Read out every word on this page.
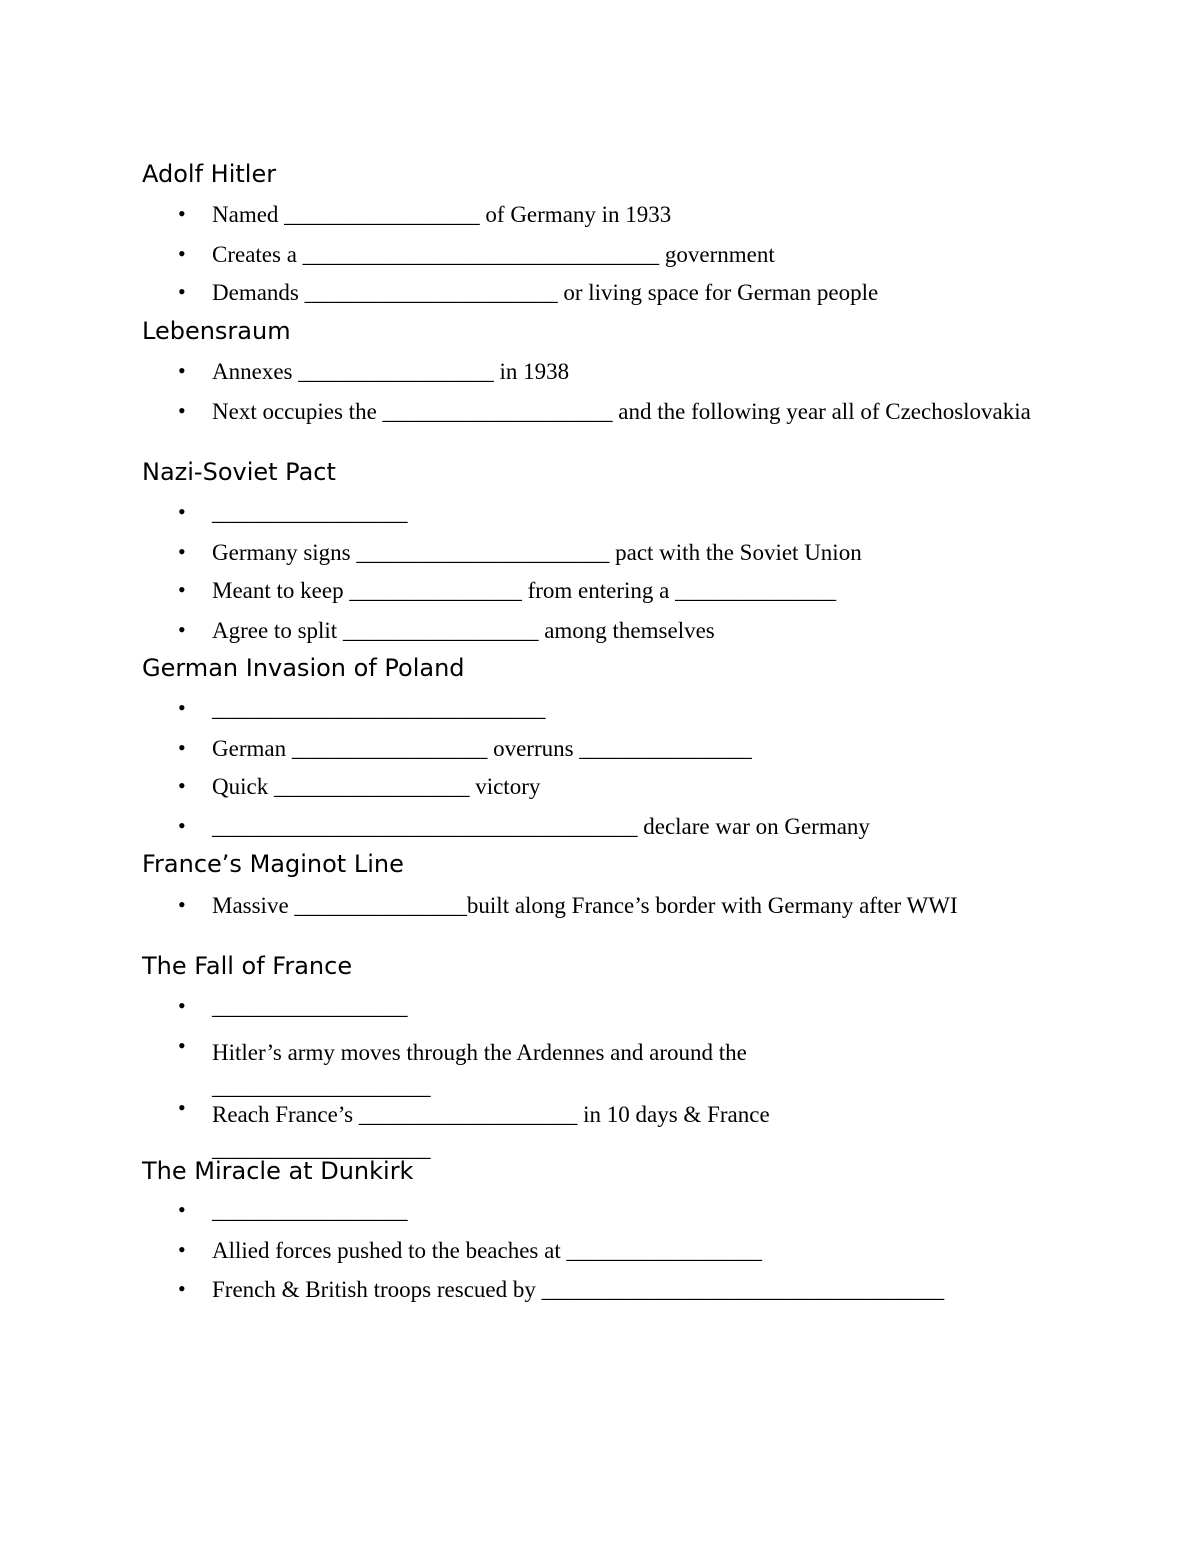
Adolf Hitler
• Named _________________ of Germany in 1933
• Creates a _______________________________ government
• Demands ______________________ or living space for German people
Lebensraum
• Annexes _________________ in 1938
• Next occupies the ____________________ and the following year all of Czechoslovakia
Nazi-Soviet Pact
• _________________
• Germany signs ______________________ pact with the Soviet Union
• Meant to keep _______________ from entering a ______________
• Agree to split _________________ among themselves
German Invasion of Poland
• _____________________________
• German _________________ overruns _______________
• Quick _________________ victory
• _____________________________________ declare war on Germany
France’s Maginot Line
• Massive _______________built along France’s border with Germany after WWI
The Fall of France
• _________________
• Hitler’s army moves through the Ardennes and around the ___________________
• Reach France’s ___________________ in 10 days & France ___________________
The Miracle at Dunkirk
• _________________
• Allied forces pushed to the beaches at _________________
• French & British troops rescued by ___________________________________
